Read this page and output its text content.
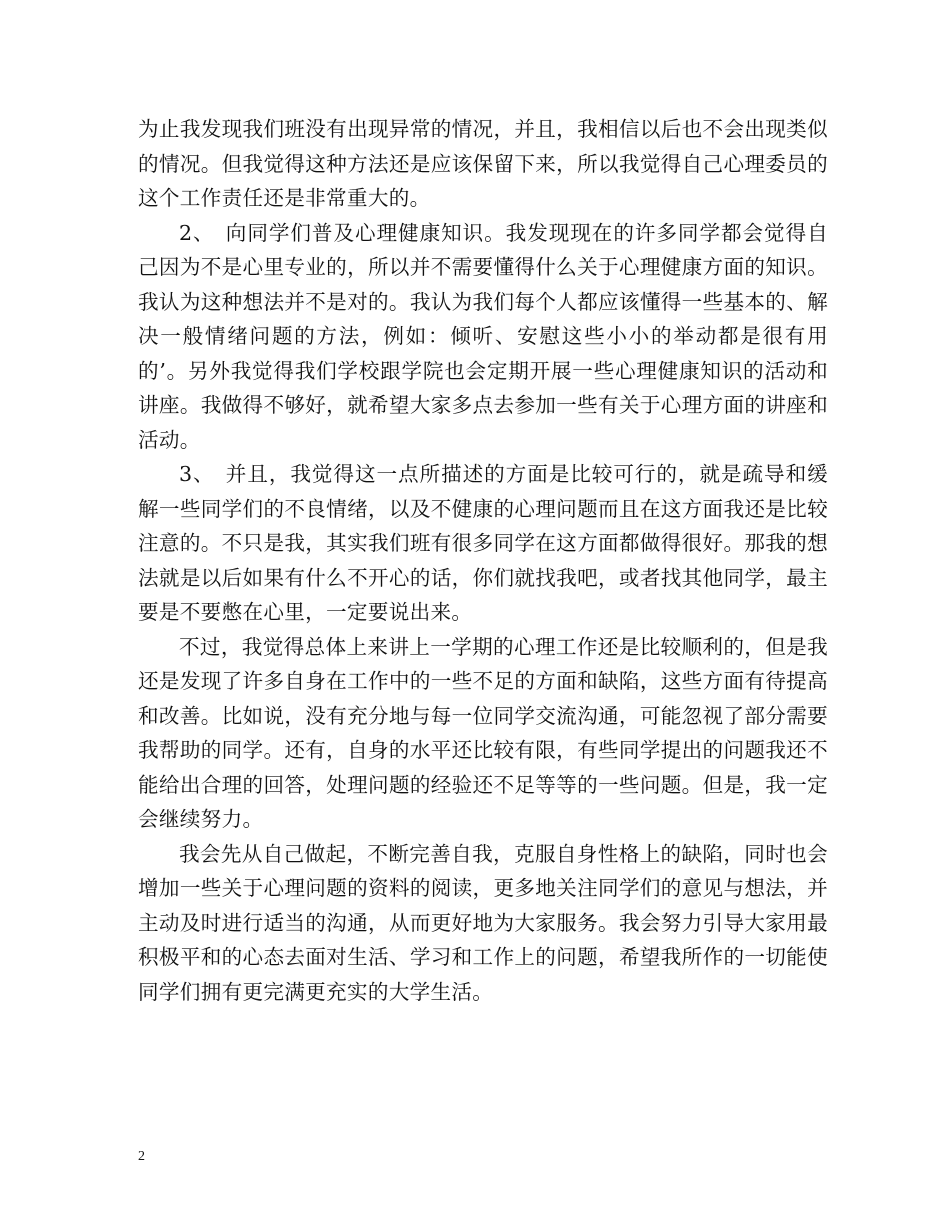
为止我发现我们班没有出现异常的情况，并且，我相信以后也不会出现类似的情况。但我觉得这种方法还是应该保留下来，所以我觉得自己心理委员的这个工作责任还是非常重大的。

2、　向同学们普及心理健康知识。我发现现在的许多同学都会觉得自己因为不是心里专业的，所以并不需要懂得什么关于心理健康方面的知识。我认为这种想法并不是对的。我认为我们每个人都应该懂得一些基本的、解决一般情绪问题的方法，例如：倾听、安慰这些小小的举动都是很有用的’。另外我觉得我们学校跟学院也会定期开展一些心理健康知识的活动和讲座。我做得不够好，就希望大家多点去参加一些有关于心理方面的讲座和活动。

3、　并且，我觉得这一点所描述的方面是比较可行的，就是疏导和缓解一些同学们的不良情绪，以及不健康的心理问题而且在这方面我还是比较注意的。不只是我，其实我们班有很多同学在这方面都做得很好。那我的想法就是以后如果有什么不开心的话，你们就找我吧，或者找其他同学，最主要是不要憋在心里，一定要说出来。

不过，我觉得总体上来讲上一学期的心理工作还是比较顺利的，但是我还是发现了许多自身在工作中的一些不足的方面和缺陷，这些方面有待提高和改善。比如说，没有充分地与每一位同学交流沟通，可能忽视了部分需要我帮助的同学。还有，自身的水平还比较有限，有些同学提出的问题我还不能给出合理的回答，处理问题的经验还不足等等的一些问题。但是，我一定会继续努力。

我会先从自己做起，不断完善自我，克服自身性格上的缺陷，同时也会增加一些关于心理问题的资料的阅读，更多地关注同学们的意见与想法，并主动及时进行适当的沟通，从而更好地为大家服务。我会努力引导大家用最积极平和的心态去面对生活、学习和工作上的问题，希望我所作的一切能使同学们拥有更完满更充实的大学生活。

2
